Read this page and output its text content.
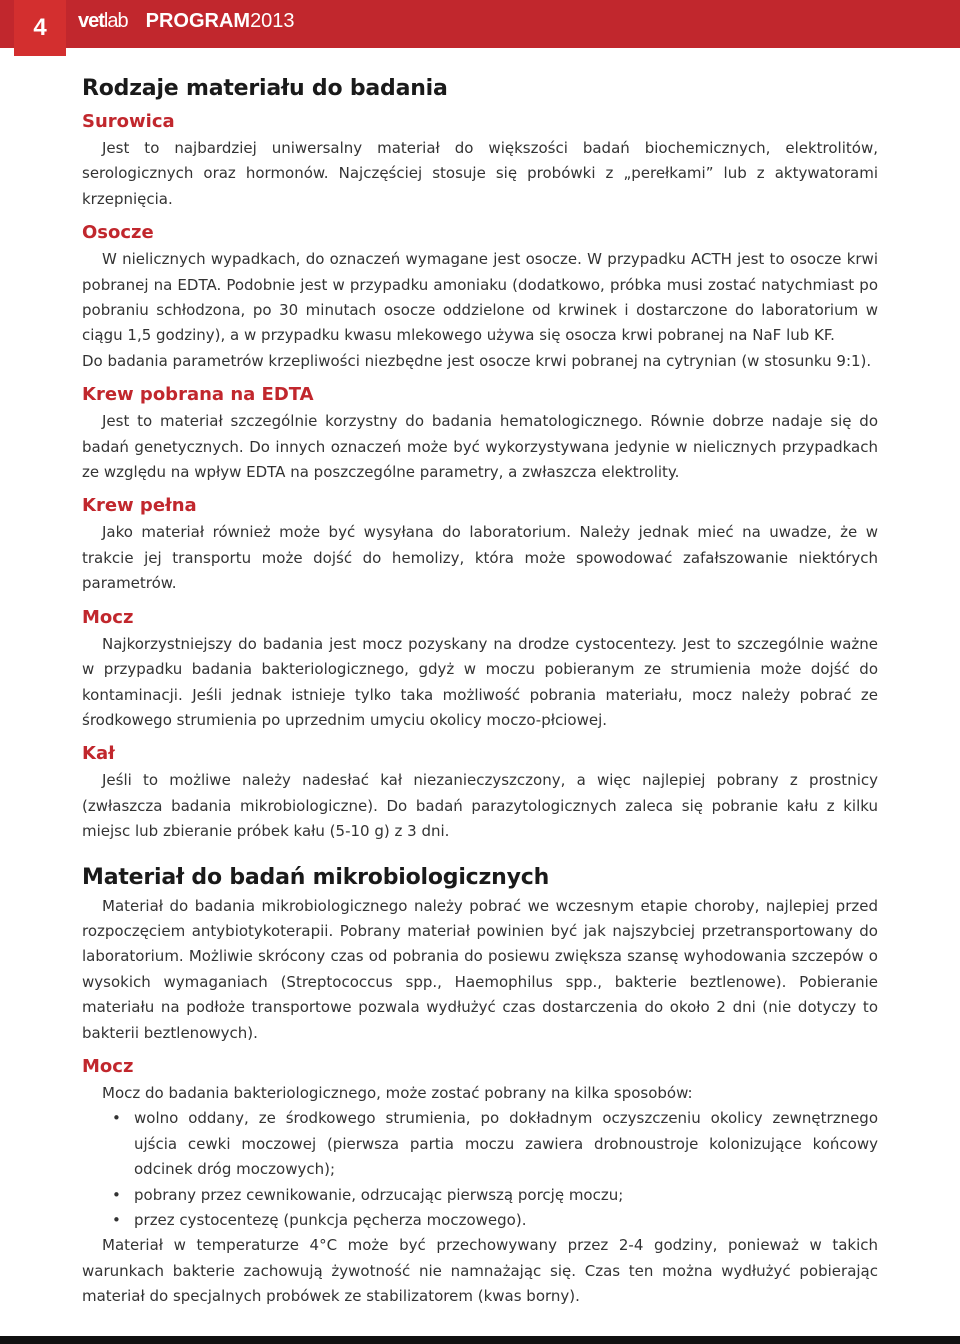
4	vet lab PROGRAM 2013
Rodzaje materiału do badania
Surowica

Jest to najbardziej uniwersalny materiał do większości badań biochemicznych, elektrolitów, serologicznych oraz hormonów. Najczęściej stosuje się probówki z „perełkami” lub z aktywatorami krzepnięcia.

Osocze

W nielicznych wypadkach, do oznaczeń wymagane jest osocze. W przypadku ACTH jest to osocze krwi pobranej na EDTA. Podobnie jest w przypadku amoniaku (dodatkowo, próbka musi zostać natychmiast po pobraniu schłodzona, po 30 minutach osocze oddzielone od krwinek i dostarczone do laboratorium w ciągu 1,5 godziny), a w przypadku kwasu mlekowego używa się osocza krwi pobranej na NaF lub KF.

Do badania parametrów krzepliwości niezbędne jest osocze krwi pobranej na cytrynian (w stosunku 9:1).

Krew pobrana na EDTA

Jest to materiał szczególnie korzystny do badania hematologicznego. Równie dobrze nadaje się do badań genetycznych. Do innych oznaczeń może być wykorzystywana jedynie w nielicznych przypadkach ze względu na wpływ EDTA na poszczególne parametry, a zwłaszcza elektrolity.

Krew pełna

Jako materiał również może być wysyłana do laboratorium. Należy jednak mieć na uwadze, że w trakcie jej transportu może dojść do hemolizy, która może spowodować zafałszowanie niektórych parametrów.

Mocz

Najkorzystniejszy do badania jest mocz pozyskany na drodze cystocentezy. Jest to szczególnie ważne w przypadku badania bakteriologicznego, gdyż w moczu pobieranym ze strumienia może dojść do kontaminacji. Jeśli jednak istnieje tylko taka możliwość pobrania materiału, mocz należy pobrać ze środkowego strumienia po uprzednim umyciu okolicy moczo-płciowej.

Kał

Jeśli to możliwe należy nadesłać kał niezanieczyszczony, a więc najlepiej pobrany z prostnicy (zwłaszcza badania mikrobiologiczne). Do badań parazytologicznych zaleca się pobranie kału z kilku miejsc lub zbieranie próbek kału (5-10 g) z 3 dni.

Materiał do badań mikrobiologicznych

Materiał do badania mikrobiologicznego należy pobrać we wczesnym etapie choroby, najlepiej przed rozpoczęciem antybiotykoterapii. Pobrany materiał powinien być jak najszybciej przetransportowany do laboratorium. Możliwie skrócony czas od pobrania do posiewu zwiększa szansę wyhodowania szczepów o wysokich wymaganiach (Streptococcus spp., Haemophilus spp., bakterie beztlenowe). Pobieranie materiału na podłoże transportowe pozwala wydłużyć czas dostarczenia do około 2 dni (nie dotyczy to bakterii beztlenowych).

Mocz

Mocz do badania bakteriologicznego, może zostać pobrany na kilka sposobów:

• wolno oddany, ze środkowego strumienia, po dokładnym oczyszczeniu okolicy zewnętrznego ujścia cewki moczowej (pierwsza partia moczu zawiera drobnoustroje kolonizujące końcowy odcinek dróg moczowych);
• pobrany przez cewnikowanie, odrzucając pierwszą porcję moczu;
• przez cystocentezę (punkcja pęcherza moczowego).

Materiał w temperaturze 4°C może być przechowywany przez 2-4 godziny, ponieważ w takich warunkach bakterie zachowują żywotność nie namnażając się. Czas ten można wydłużyć pobierając materiał do specjalnych probówek ze stabilizatorem (kwas borny).
